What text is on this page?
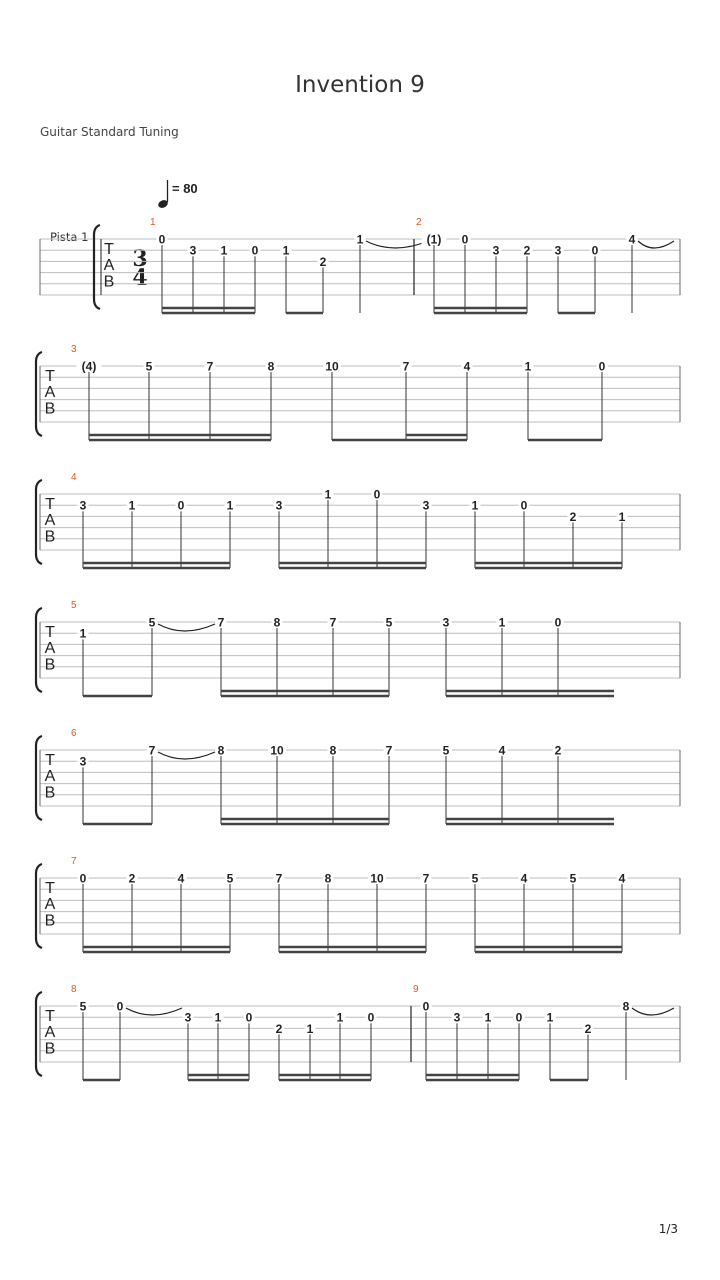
Invention 9
Guitar Standard Tuning
= 80
Pista 1
3
4
T
A
B
1	2
0
3 1 0 1
2
1	(1) 0
3 2 3	0
4
T
A
B
3
(4)	5	7	8	10	7	4	1	0
T
A
B
4
3	1	0	1	3
1	0
3	1	0
2	1
T
A
B
5
1
5	7	8	7	5	3	1	0
T
A
B
6
3
7	8	10	8	7	5	4	2
T
A
B
7
0	2	4	5	7	8	10	7	5	4	5	4
T
A
B
8	9
5	0
3 1 0
2 1
1 0
0
3 1 0 1
2
8
1/3
